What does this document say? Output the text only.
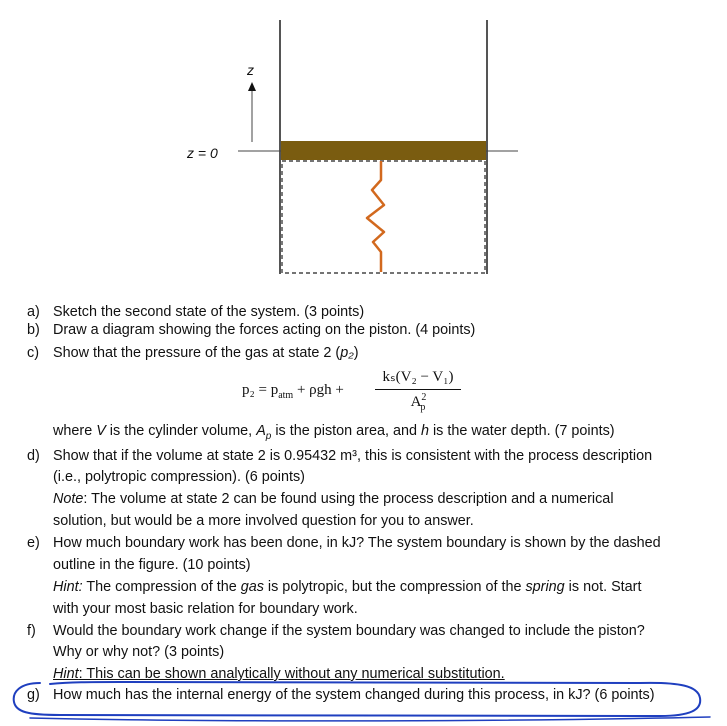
z
z = 0
a) Sketch the second state of the system. (3 points)
b) Draw a diagram showing the forces acting on the piston. (4 points)
c) Show that the pressure of the gas at state 2 (p₂)
$p_2 = p_{atm} + \rho gh$ +
kₛ(V₂ − V₁)
$A^2_p$
where V is the cylinder volume, $A_p$ is the piston area, and h is the water depth. (7 points)
d) Show that if the volume at state 2 is 0.95432 m³, this is consistent with the process description
(i.e., polytropic compression). (6 points)
Note: The volume at state 2 can be found using the process description and a numerical
solution, but would be a more involved question for you to answer.
e) How much boundary work has been done, in kJ? The system boundary is shown by the dashed
outline in the figure. (10 points)
Hint: The compression of the gas is polytropic, but the compression of the spring is not. Start
with your most basic relation for boundary work.
f) Would the boundary work change if the system boundary was changed to include the piston?
Why or why not? (3 points)
Hint: This can be shown analytically without any numerical substitution.
g) How much has the internal energy of the system changed during this process, in kJ? (6 points)
